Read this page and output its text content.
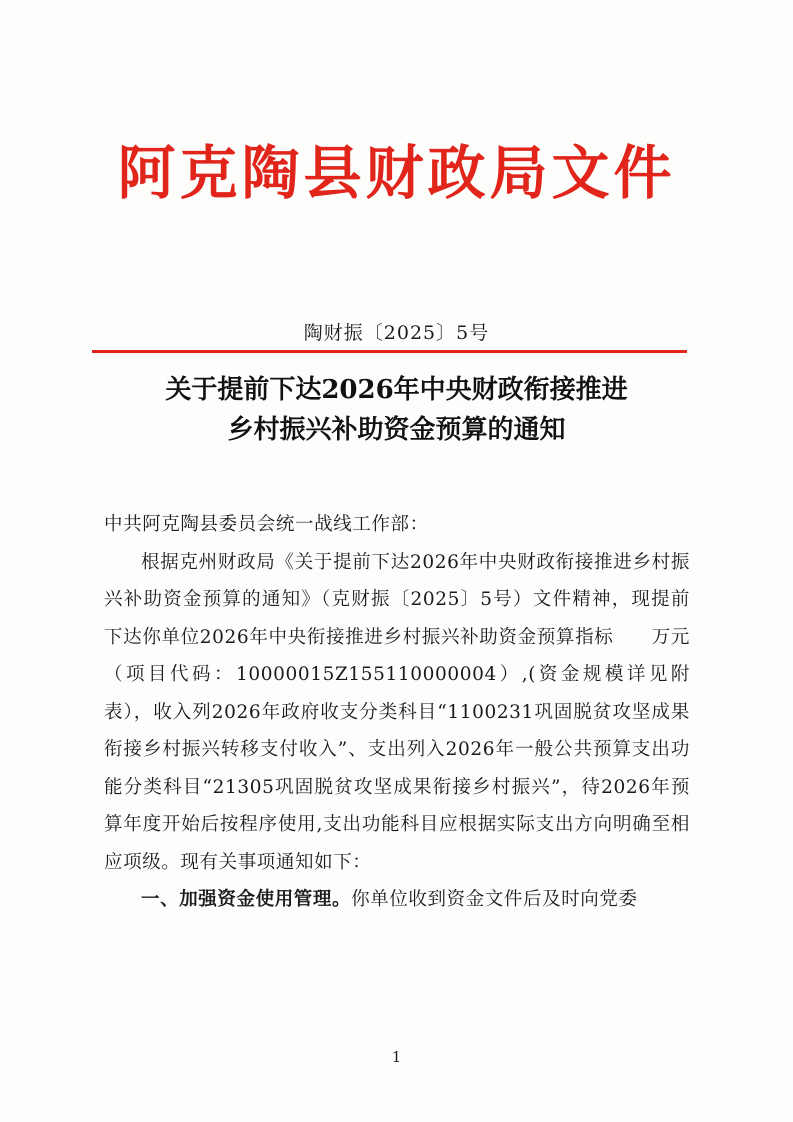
阿克陶县财政局文件
陶财振〔2025〕5号
关于提前下达2026年中央财政衔接推进
乡村振兴补助资金预算的通知

中共阿克陶县委员会统一战线工作部：

根据克州财政局《关于提前下达2026年中央财政衔接推进乡村振兴补助资金预算的通知》（克财振〔2025〕5号）文件精神，现提前下达你单位2026年中央衔接推进乡村振兴补助资金预算指标　　万元（项目代码：10000015Z155110000004）,(资金规模详见附表），收入列2026年政府收支分类科目“1100231巩固脱贫攻坚成果衔接乡村振兴转移支付收入”、支出列入2026年一般公共预算支出功能分类科目“21305巩固脱贫攻坚成果衔接乡村振兴”，待2026年预算年度开始后按程序使用,支出功能科目应根据实际支出方向明确至相应项级。现有关事项通知如下：

一、加强资金使用管理。你单位收到资金文件后及时向党委

1
